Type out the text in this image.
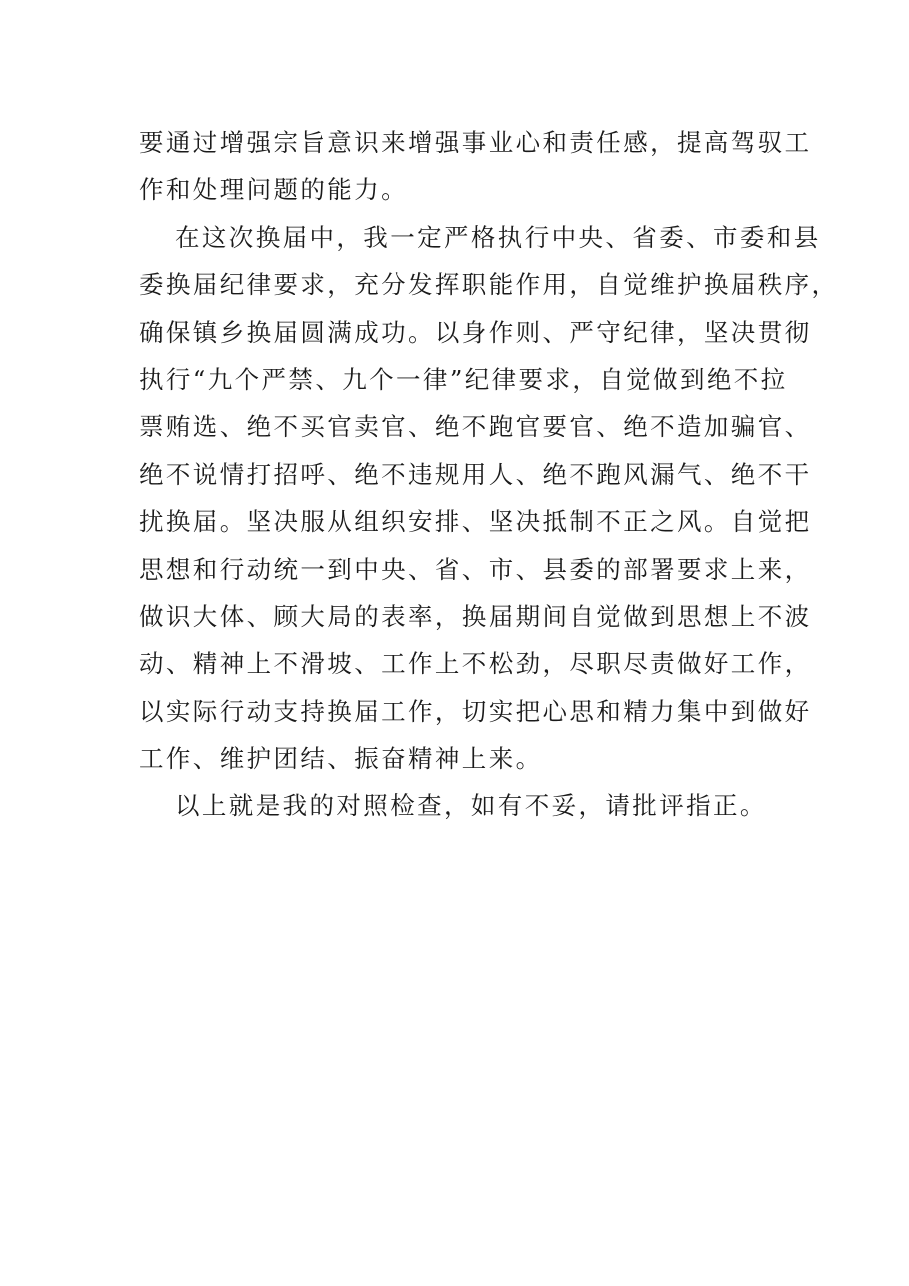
要通过增强宗旨意识来增强事业心和责任感，提高驾驭工
作和处理问题的能力。
在这次换届中，我一定严格执行中央、省委、市委和县
委换届纪律要求，充分发挥职能作用，自觉维护换届秩序，
确保镇乡换届圆满成功。以身作则、严守纪律，坚决贯彻
执行“九个严禁、九个一律”纪律要求，自觉做到绝不拉
票贿选、绝不买官卖官、绝不跑官要官、绝不造加骗官、
绝不说情打招呼、绝不违规用人、绝不跑风漏气、绝不干
扰换届。坚决服从组织安排、坚决抵制不正之风。自觉把
思想和行动统一到中央、省、市、县委的部署要求上来，
做识大体、顾大局的表率，换届期间自觉做到思想上不波
动、精神上不滑坡、工作上不松劲，尽职尽责做好工作，
以实际行动支持换届工作，切实把心思和精力集中到做好
工作、维护团结、振奋精神上来。
以上就是我的对照检查，如有不妥，请批评指正。
